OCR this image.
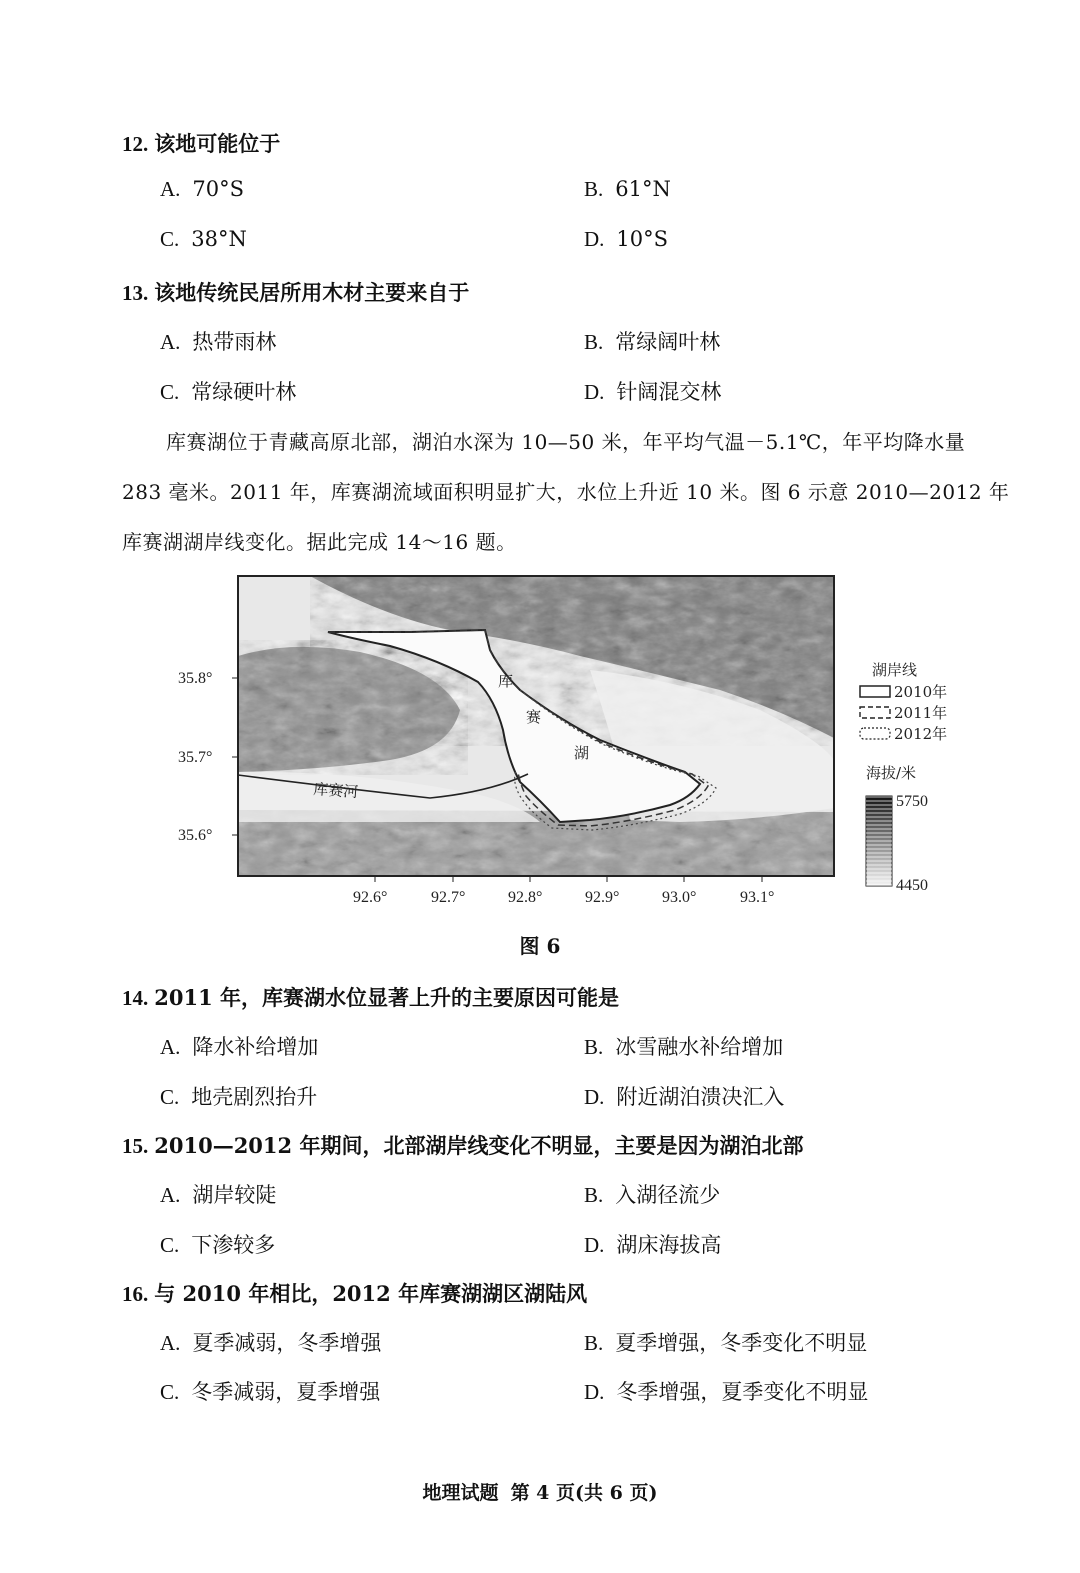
12. 该地可能位于
A. 70°S	B. 61°N
C. 38°N	D. 10°S
13. 该地传统民居所用木材主要来自于
A. 热带雨林	B. 常绿阔叶林
C. 常绿硬叶林	D. 针阔混交林
库赛湖位于青藏高原北部，湖泊水深为 10—50 米，年平均气温－5.1℃，年平均降水量
283 毫米。2011 年，库赛湖流域面积明显扩大，水位上升近 10 米。图 6 示意 2010—2012 年
库赛湖湖岸线变化。据此完成 14～16 题。
库赛河
库
赛
湖
35.8°
35.7°
35.6°
92.6°	92.7°	92.8°	92.9°	93.0°	93.1°
湖岸线
2010年
2011年
2012年
海拔/米
5750
4450
图 6
14. 2011 年，库赛湖水位显著上升的主要原因可能是
A. 降水补给增加	B. 冰雪融水补给增加
C. 地壳剧烈抬升	D. 附近湖泊溃决汇入
15. 2010—2012 年期间，北部湖岸线变化不明显，主要是因为湖泊北部
A. 湖岸较陡	B. 入湖径流少
C. 下渗较多	D. 湖床海拔高
16. 与 2010 年相比，2012 年库赛湖湖区湖陆风
A. 夏季减弱，冬季增强	B. 夏季增强，冬季变化不明显
C. 冬季减弱，夏季增强	D. 冬季增强，夏季变化不明显
地理试题 第 4 页(共 6 页)
